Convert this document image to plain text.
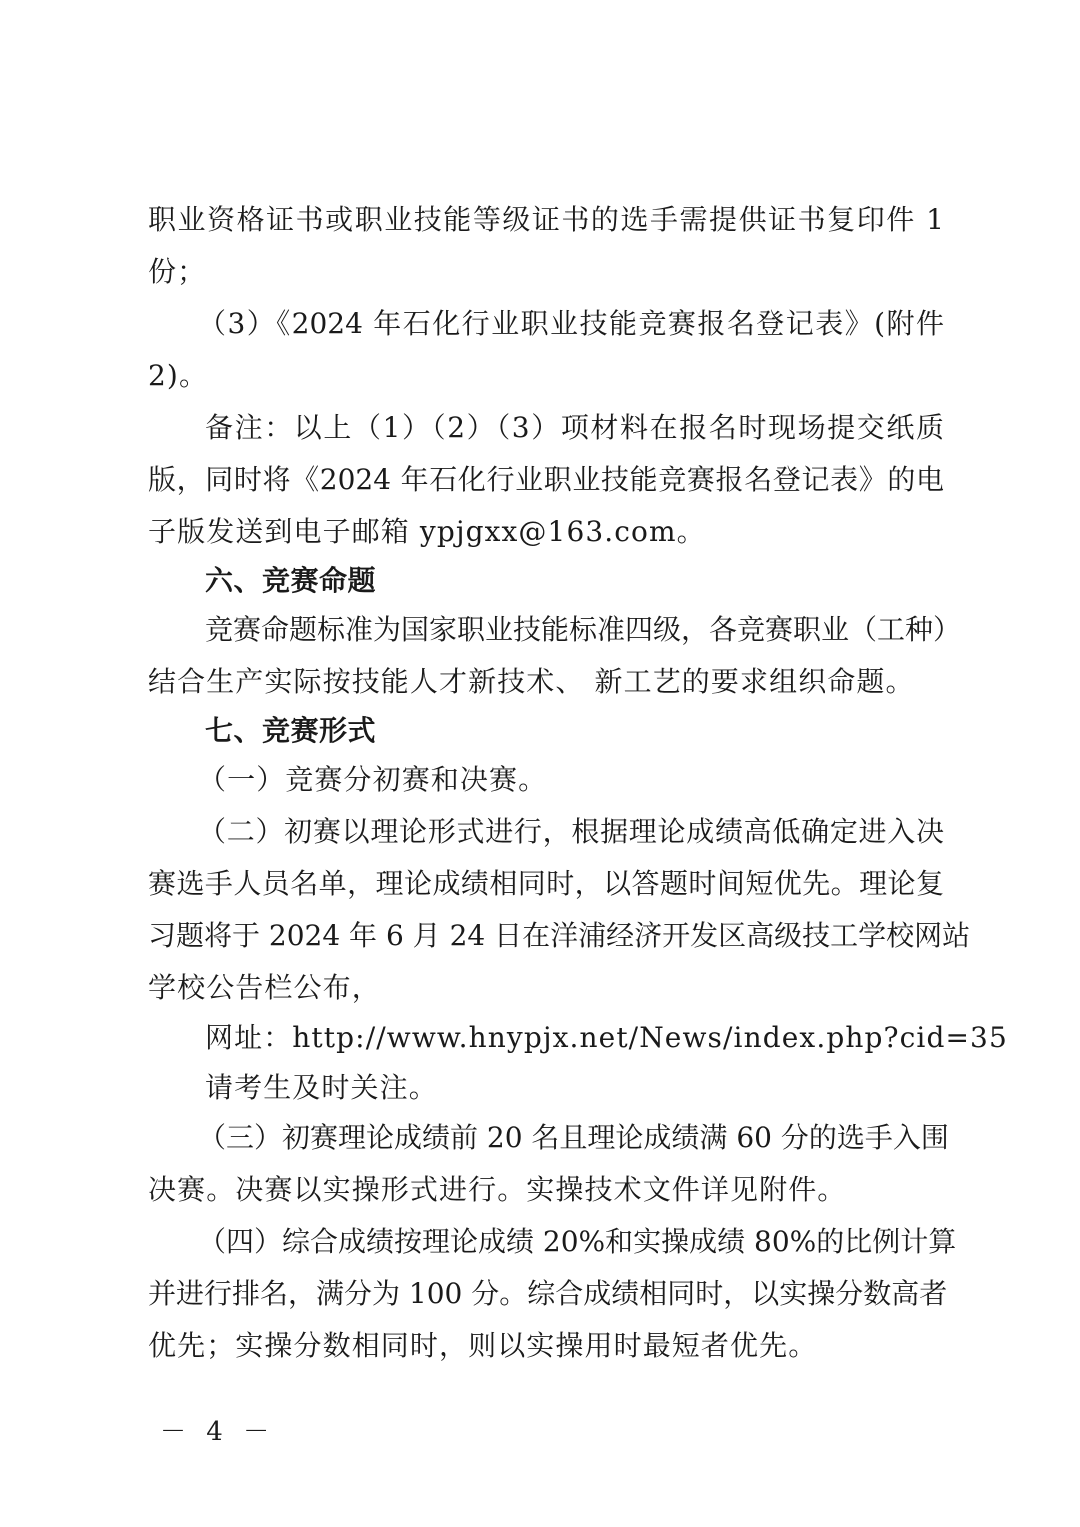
职业资格证书或职业技能等级证书的选手需提供证书复印件 1
份；
（3）《2024 年石化行业职业技能竞赛报名登记表》(附件
2)。
备注：以上（1）（2）（3）项材料在报名时现场提交纸质
版，同时将《2024 年石化行业职业技能竞赛报名登记表》的电
子版发送到电子邮箱 ypjgxx@163.com。
六、竞赛命题
竞赛命题标准为国家职业技能标准四级，各竞赛职业（工种）
结合生产实际按技能人才新技术、 新工艺的要求组织命题。
七、竞赛形式
（一）竞赛分初赛和决赛。
（二）初赛以理论形式进行，根据理论成绩高低确定进入决
赛选手人员名单，理论成绩相同时，以答题时间短优先。理论复
习题将于 2024 年 6 月 24 日在洋浦经济开发区高级技工学校网站
学校公告栏公布，
网址：http://www.hnypjx.net/News/index.php?cid=35
请考生及时关注。
（三）初赛理论成绩前 20 名且理论成绩满 60 分的选手入围
决赛。决赛以实操形式进行。实操技术文件详见附件。
（四）综合成绩按理论成绩 20%和实操成绩 80%的比例计算
并进行排名，满分为 100 分。综合成绩相同时，以实操分数高者
优先；实操分数相同时，则以实操用时最短者优先。
－ 4 －
